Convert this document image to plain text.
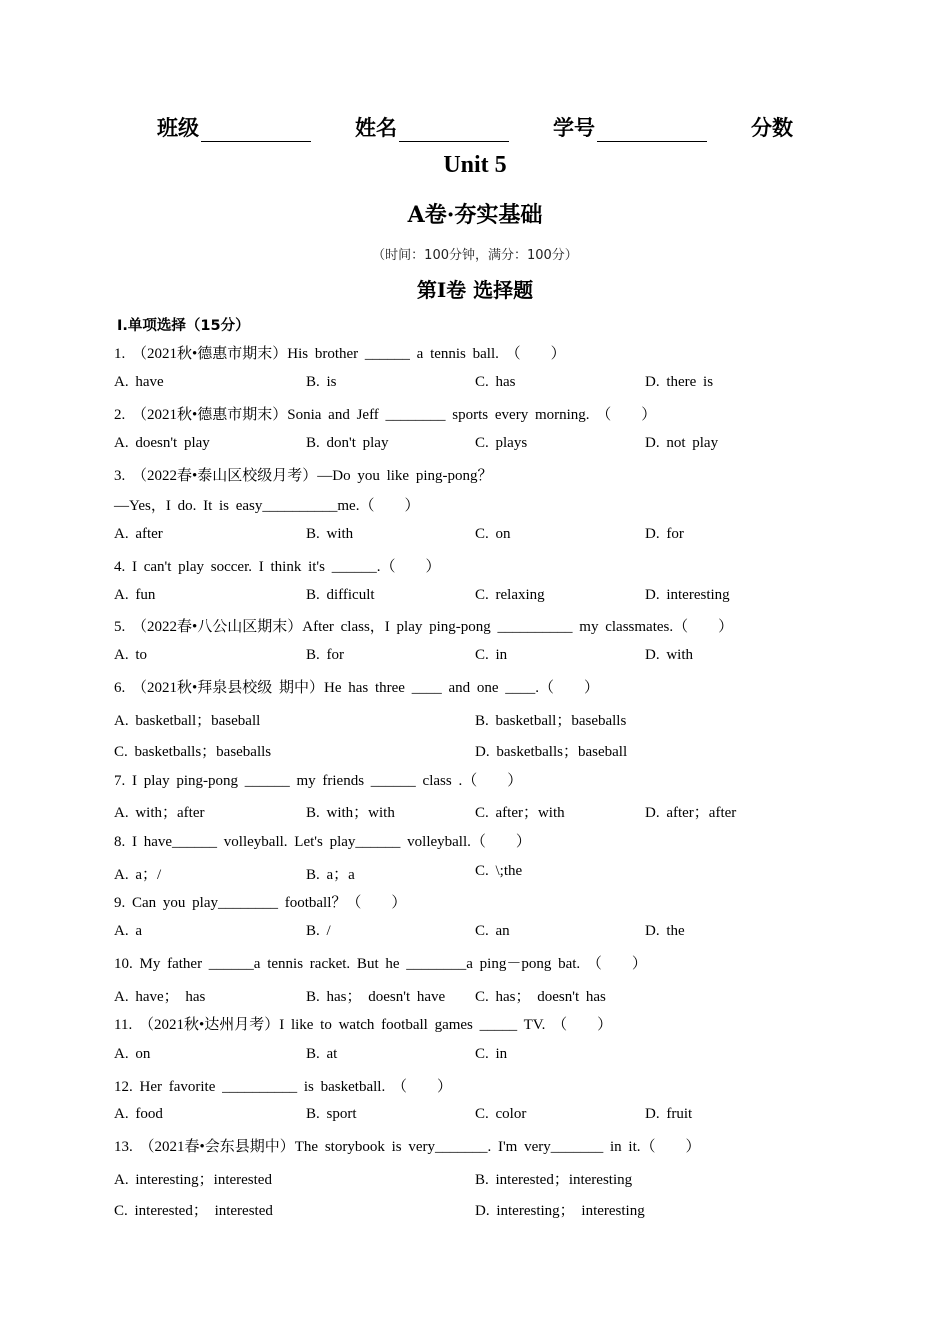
班级	姓名	学号	分数
Unit 5
A卷·夯实基础
（时间：100分钟，满分：100分）
第Ⅰ卷 选择题
Ⅰ.单项选择（15分）
1. （2021秋•德惠市期末）His brother ______ a tennis ball. （　　）
A. have	B. is	C. has	D. there is
2. （2021秋•德惠市期末）Sonia and Jeff ________ sports every morning. （　　）
A. doesn't play	B. don't play	C. plays	D. not play
3. （2022春•泰山区校级月考）—Do you like ping-pong？
—Yes，I do. It is easy__________me.（　　）
A. after	B. with	C. on	D. for
4. I can't play soccer. I think it's ______.（　　）
A. fun	B. difficult	C. relaxing	D. interesting
5. （2022春•八公山区期末）After class，I play ping-pong __________ my classmates.（　　）
A. to	B. for	C. in	D. with
6. （2021秋•拜泉县校级 期中）He has three ____ and one ____.（　　）
A. basketball；baseball	B. basketball；baseballs
C. basketballs；baseballs	D. basketballs；baseball
7. I play ping-pong ______ my friends ______ class .（　　）
A. with；after	B. with；with	C. after；with	D. after；after
8. I have______ volleyball. Let's play______ volleyball.（　　）
A. a；/	B. a；a	C. \;the
9. Can you play________ football？（　　）
A. a	B. /	C. an	D. the
10. My father ______a tennis racket. But he ________a ping－pong bat. （　　）
A. have； has	B. has； doesn't have C. has； doesn't has
11. （2021秋•达州月考）I like to watch football games _____ TV. （　　）
A. on	B. at	C. in
12. Her favorite __________ is basketball. （　　）
A. food	B. sport	C. color	D. fruit
13. （2021春•会东县期中）The storybook is very_______. I'm very_______ in it.（　　）
A. interesting；interested	B. interested；interesting
C. interested； interested	D. interesting； interesting
